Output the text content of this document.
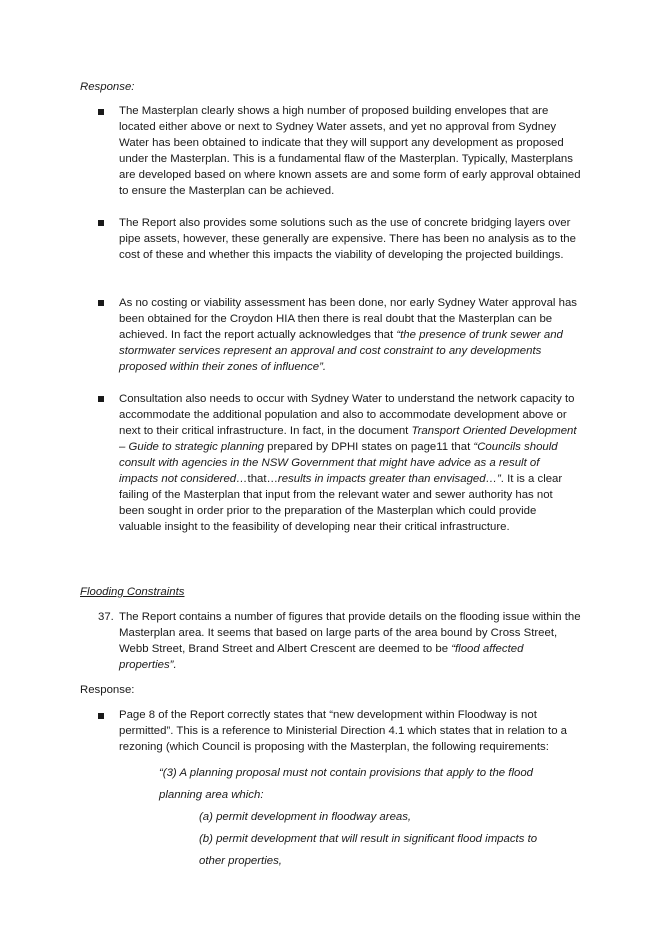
Response:
The Masterplan clearly shows a high number of proposed building envelopes that are located either above or next to Sydney Water assets, and yet no approval from Sydney Water has been obtained to indicate that they will support any development as proposed under the Masterplan. This is a fundamental flaw of the Masterplan. Typically, Masterplans are developed based on where known assets are and some form of early approval obtained to ensure the Masterplan can be achieved.
The Report also provides some solutions such as the use of concrete bridging layers over pipe assets, however, these generally are expensive. There has been no analysis as to the cost of these and whether this impacts the viability of developing the projected buildings.
As no costing or viability assessment has been done, nor early Sydney Water approval has been obtained for the Croydon HIA then there is real doubt that the Masterplan can be achieved. In fact the report actually acknowledges that “the presence of trunk sewer and stormwater services represent an approval and cost constraint to any developments proposed within their zones of influence”.
Consultation also needs to occur with Sydney Water to understand the network capacity to accommodate the additional population and also to accommodate development above or next to their critical infrastructure. In fact, in the document Transport Oriented Development – Guide to strategic planning prepared by DPHI states on page11 that “Councils should consult with agencies in the NSW Government that might have advice as a result of impacts not considered…that…results in impacts greater than envisaged…”. It is a clear failing of the Masterplan that input from the relevant water and sewer authority has not been sought in order prior to the preparation of the Masterplan which could provide valuable insight to the feasibility of developing near their critical infrastructure.
Flooding Constraints
37. The Report contains a number of figures that provide details on the flooding issue within the Masterplan area. It seems that based on large parts of the area bound by Cross Street, Webb Street, Brand Street and Albert Crescent are deemed to be “flood affected properties”.
Response:
Page 8 of the Report correctly states that “new development within Floodway is not permitted”. This is a reference to Ministerial Direction 4.1 which states that in relation to a rezoning (which Council is proposing with the Masterplan, the following requirements:
“(3) A planning proposal must not contain provisions that apply to the flood
planning area which:
(a) permit development in floodway areas,
(b) permit development that will result in significant flood impacts to
other properties,
